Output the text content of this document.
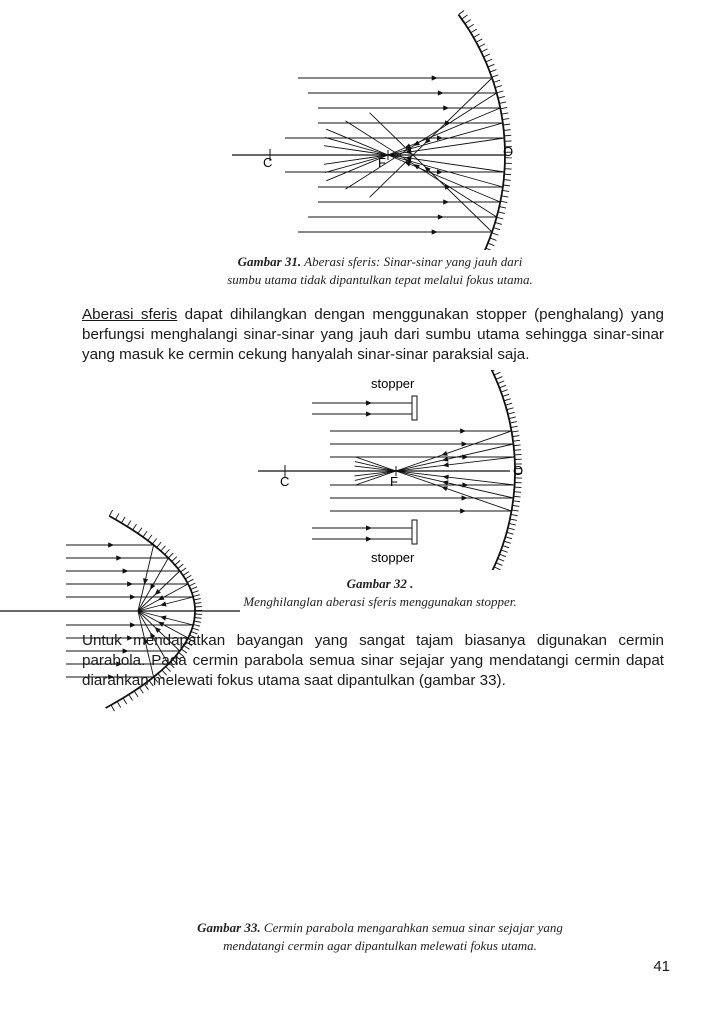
C	F
O
Gambar 31. Aberasi sferis: Sinar-sinar yang jauh dari
sumbu utama tidak dipantulkan tepat melalui fokus utama.
Aberasi sferis dapat dihilangkan dengan menggunakan stopper (penghalang) yang berfungsi menghalangi sinar-sinar yang jauh dari sumbu utama sehingga sinar-sinar yang masuk ke cermin cekung hanyalah sinar-sinar paraksial saja.
stopper
stopper
C	F
O
Gambar 32 .
Menghilanglan aberasi sferis menggunakan stopper.
Untuk mendapatkan bayangan yang sangat tajam biasanya digunakan cermin parabola. Pada cermin parabola semua sinar sejajar yang mendatangi cermin dapat diarahkan melewati fokus utama saat dipantulkan (gambar 33).
Gambar 33. Cermin parabola mengarahkan semua sinar sejajar yang
mendatangi cermin agar dipantulkan melewati fokus utama.
41
